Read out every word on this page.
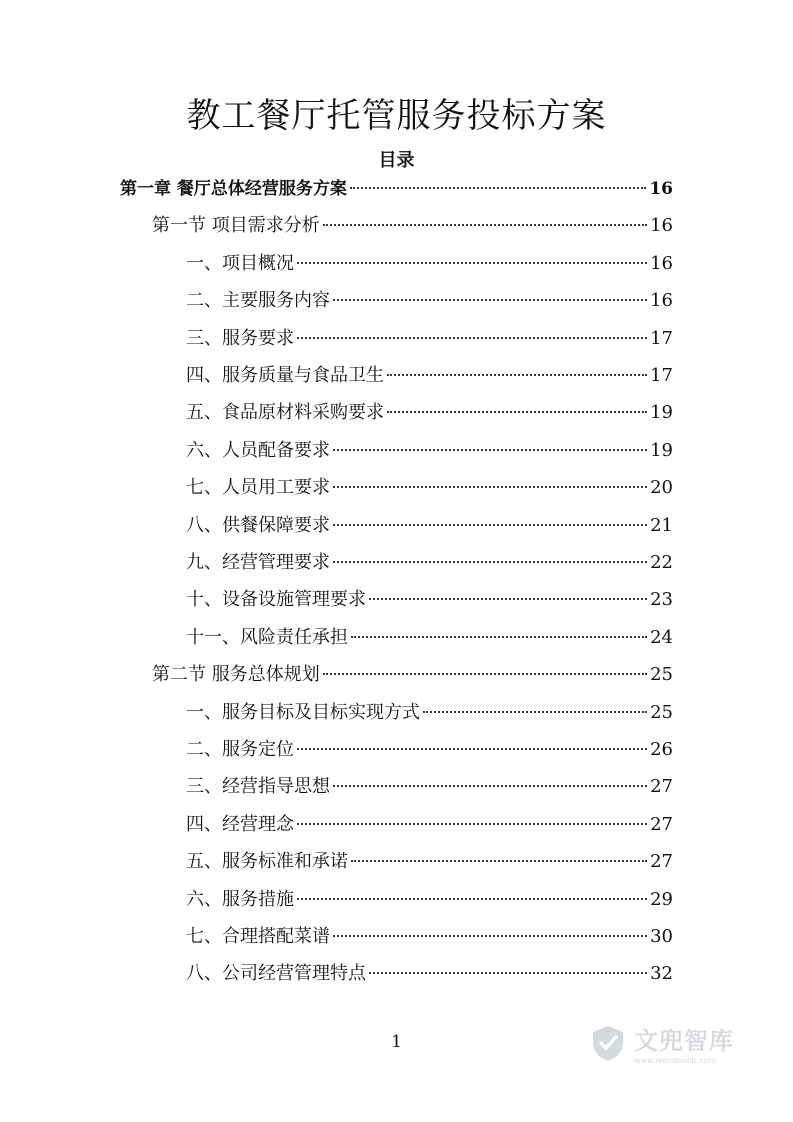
教工餐厅托管服务投标方案
目录
第一章 餐厅总体经营服务方案	16
第一节 项目需求分析	16
一、项目概况	16
二、主要服务内容	16
三、服务要求	17
四、服务质量与食品卫生	17
五、食品原材料采购要求	19
六、人员配备要求	19
七、人员用工要求	20
八、供餐保障要求	21
九、经营管理要求	22
十、设备设施管理要求	23
十一、风险责任承担	24
第二节 服务总体规划	25
一、服务目标及目标实现方式	25
二、服务定位	26
三、经营指导思想	27
四、经营理念	27
五、服务标准和承诺	27
六、服务措施	29
七、合理搭配菜谱	30
八、公司经营管理特点	32
1	文兜智库
www.wendoulib.com
